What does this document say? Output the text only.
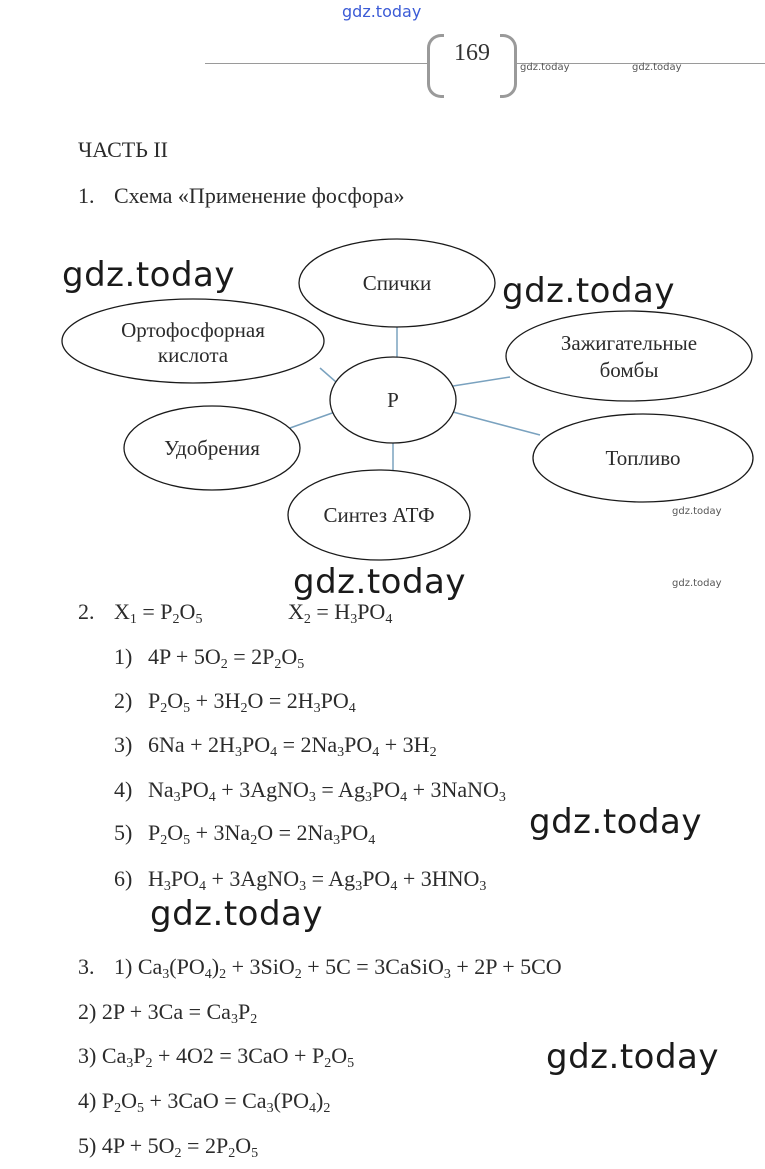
gdz.today
169
gdz.today	gdz.today
ЧАСТЬ II
1. Схема «Применение фосфора»
Спички
Ортофосфорная
кислота	Зажигательные
бомбы
P
Удобрения	Топливо
Синтез АТФ
gdz.today	gdz.today
gdz.today
gdz.today	gdz.today
2. $X_1 = P_2O_5$	$X_2 = H_3PO_4$
1) $4P + 5O_2 = 2P_2O_5$
2) $P_2O_5 + 3H_2O = 2H_3PO_4$
3) $6Na + 2H_3PO_4 = 2Na_3PO_4 + 3H_2$
4) $Na_3PO_4$ + 3AgNO$_3$ = $Ag_3PO_4$ + 3NaNO$_3$
5) $P_2O_5 + 3Na_2O = 2Na_3PO_4$
6) $H_3PO_4$ + 3AgNO$_3$ = $Ag_3PO_4 + 3HNO_3$
gdz.today
gdz.today
3. 1) $Ca_3(PO_4)_2 + 3SiO_2 + 5C$ = 3CaSiO$_3$ + 2P + 5CO
2) $2P + 3Ca = Ca_3P_2$
3) $Ca_3P_2 + 4O2 = 3CaO + P_2O_5$
4) $P_2O_5 + 3CaO = Ca_3(PO_4)_2$
5) $4P + 5O_2 = 2P_2O_5$
gdz.today
